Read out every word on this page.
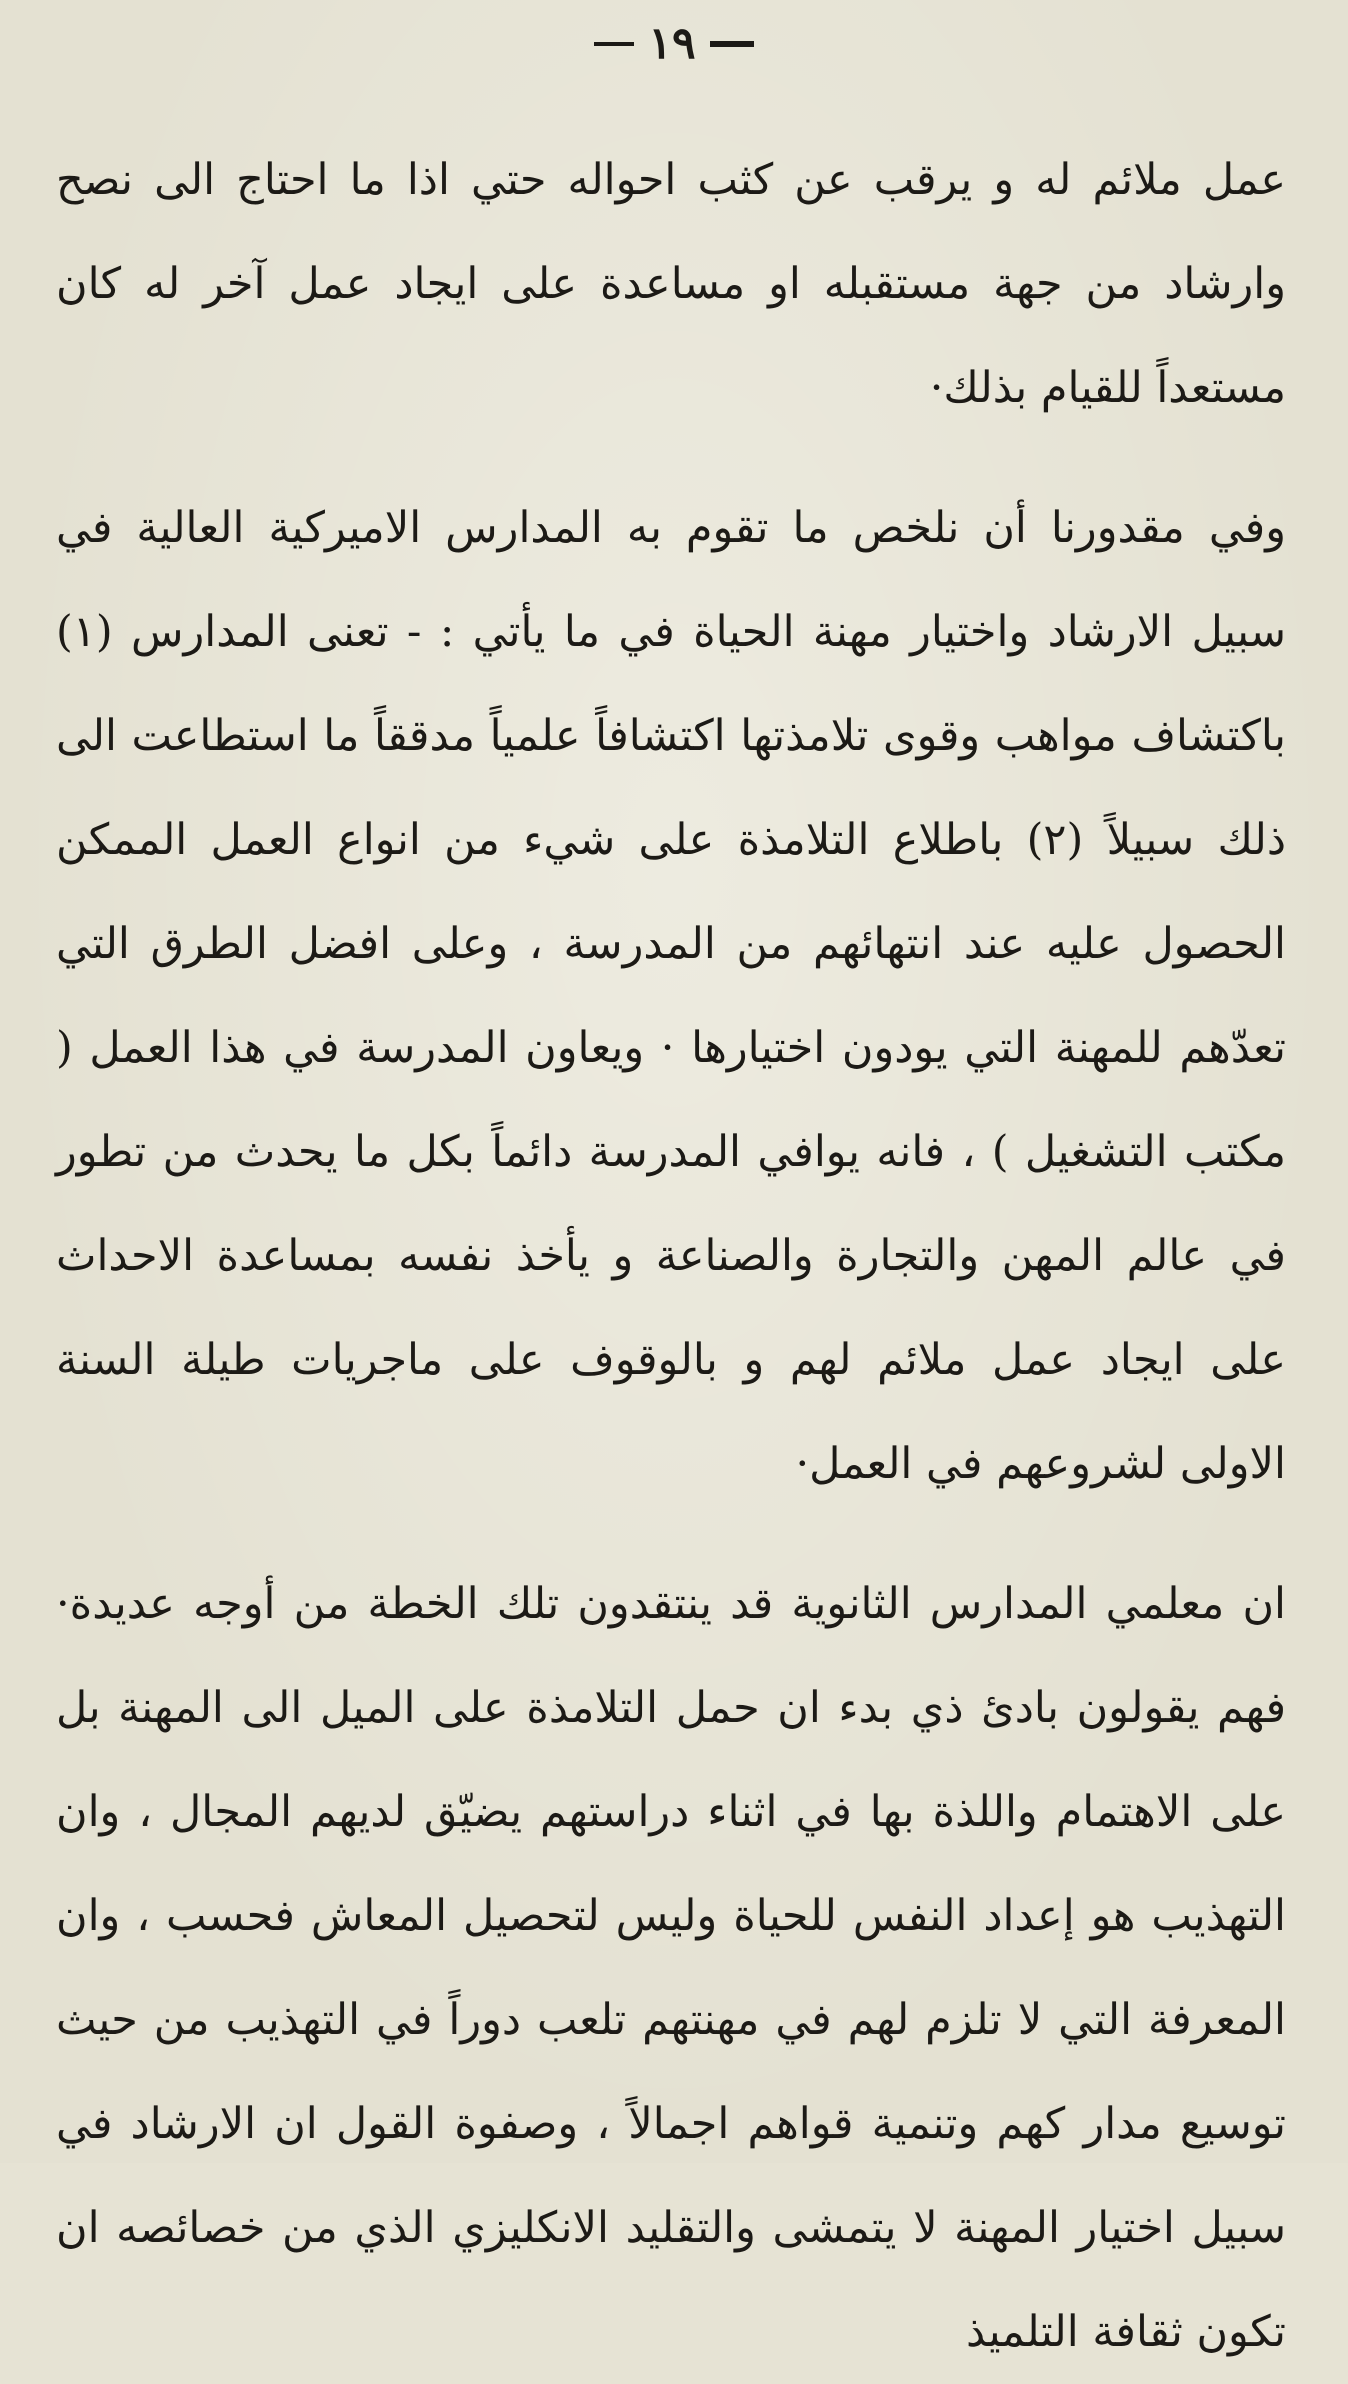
١٩

عمل ملائم له و يرقب عن كثب احواله حتي اذا ما احتاج الى نصح وارشاد من جهة مستقبله او مساعدة على ايجاد عمل آخر له كان مستعداً للقيام بذلك·

وفي مقدورنا أن نلخص ما تقوم به المدارس الاميركية العالية في سبيل الارشاد واختيار مهنة الحياة في ما يأتي : - تعنى المدارس (١) باكتشاف مواهب وقوى تلامذتها اكتشافاً علمياً مدققاً ما استطاعت الى ذلك سبيلاً (٢) باطلاع التلامذة على شيء من انواع العمل الممكن الحصول عليه عند انتهائهم من المدرسة ، وعلى افضل الطرق التي تعدّهم للمهنة التي يودون اختيارها · ويعاون المدرسة في هذا العمل ( مكتب التشغيل ) ، فانه يوافي المدرسة دائماً بكل ما يحدث من تطور في عالم المهن والتجارة والصناعة و يأخذ نفسه بمساعدة الاحداث على ايجاد عمل ملائم لهم و بالوقوف على ماجريات طيلة السنة الاولى لشروعهم في العمل·

ان معلمي المدارس الثانوية قد ينتقدون تلك الخطة من أوجه عديدة· فهم يقولون بادئ ذي بدء ان حمل التلامذة على الميل الى المهنة بل على الاهتمام واللذة بها في اثناء دراستهم يضيّق لديهم المجال ، وان التهذيب هو إعداد النفس للحياة وليس لتحصيل المعاش فحسب ، وان المعرفة التي لا تلزم لهم في مهنتهم تلعب دوراً في التهذيب من حيث توسيع مدار كهم وتنمية قواهم اجمالاً ، وصفوة القول ان الارشاد في سبيل اختيار المهنة لا يتمشى والتقليد الانكليزي الذي من خصائصه ان تكون ثقافة التلميذ
